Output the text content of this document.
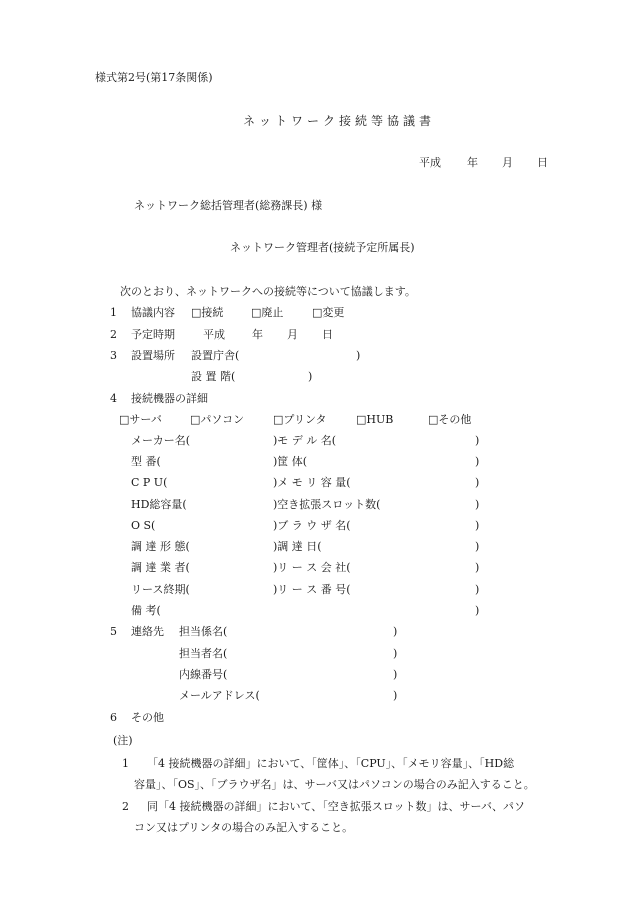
様式第2号(第17条関係)
ネットワーク接続等協議書
平成 年 月 日
ネットワーク総括管理者(総務課長) 様
ネットワーク管理者(接続予定所属長)
次のとおり、ネットワークへの接続等について協議します。
1 協議内容 □接続	□廃止	□変更
2 予定時期	平成 年 月 日
3 設置場所 設置庁舎(	)
設 置 階(	)
4 接続機器の詳細
□サーバ	□パソコン	□プリンタ	□HUB	□その他
メーカー名(	)モ デ ル 名(	)
型 番(	)筐 体(	)
C P U(	)メ モ リ 容 量(	)
HD総容量(	)空き拡張スロット数(	)
O S(	)ブ ラ ウ ザ 名(	)
調 達 形 態(	)調 達 日(	)
調 達 業 者(	)リ ー ス 会 社(	)
リース終期(	)リ ー ス 番 号(	)
備 考(	)
5 連絡先 担当係名(	)
担当者名(	)
内線番号(	)
メールアドレス(	)
6 その他
(注)
1 「4 接続機器の詳細」において、「筐体」、「CPU」、「メモリ容量」、「HD総
容量」、「OS」、「ブラウザ名」は、サーバ又はパソコンの場合のみ記入すること。
2 同「4 接続機器の詳細」において、「空き拡張スロット数」は、サーバ、パソ
コン又はプリンタの場合のみ記入すること。
